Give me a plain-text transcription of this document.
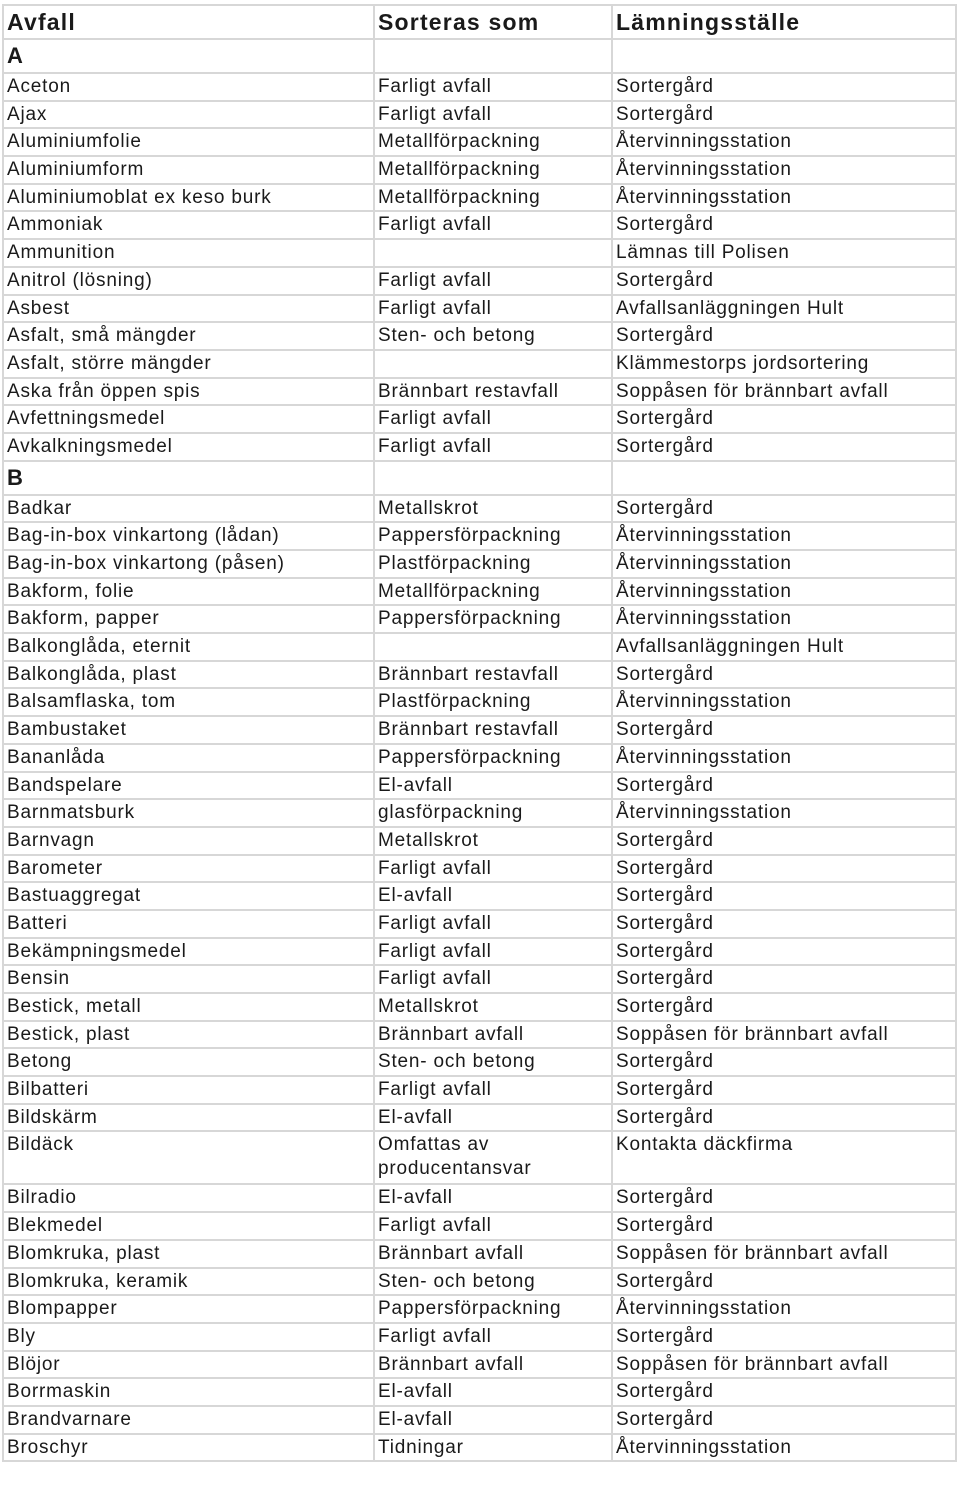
Avfall	Sorteras som	Lämningsställe
A		
Aceton	Farligt avfall	Sortergård
Ajax	Farligt avfall	Sortergård
Aluminiumfolie	Metallförpackning	Återvinningsstation
Aluminiumform	Metallförpackning	Återvinningsstation
Aluminiumoblat ex keso burk	Metallförpackning	Återvinningsstation
Ammoniak	Farligt avfall	Sortergård
Ammunition		Lämnas till Polisen
Anitrol (lösning)	Farligt avfall	Sortergård
Asbest	Farligt avfall	Avfallsanläggningen Hult
Asfalt, små mängder	Sten- och betong	Sortergård
Asfalt, större mängder		Klämmestorps jordsortering
Aska från öppen spis	Brännbart restavfall	Soppåsen för brännbart avfall
Avfettningsmedel	Farligt avfall	Sortergård
Avkalkningsmedel	Farligt avfall	Sortergård
B		
Badkar	Metallskrot	Sortergård
Bag-in-box vinkartong (lådan)	Pappersförpackning	Återvinningsstation
Bag-in-box vinkartong (påsen)	Plastförpackning	Återvinningsstation
Bakform, folie	Metallförpackning	Återvinningsstation
Bakform, papper	Pappersförpackning	Återvinningsstation
Balkonglåda, eternit		Avfallsanläggningen Hult
Balkonglåda, plast	Brännbart restavfall	Sortergård
Balsamflaska, tom	Plastförpackning	Återvinningsstation
Bambustaket	Brännbart restavfall	Sortergård
Bananlåda	Pappersförpackning	Återvinningsstation
Bandspelare	El-avfall	Sortergård
Barnmatsburk	glasförpackning	Återvinningsstation
Barnvagn	Metallskrot	Sortergård
Barometer	Farligt avfall	Sortergård
Bastuaggregat	El-avfall	Sortergård
Batteri	Farligt avfall	Sortergård
Bekämpningsmedel	Farligt avfall	Sortergård
Bensin	Farligt avfall	Sortergård
Bestick, metall	Metallskrot	Sortergård
Bestick, plast	Brännbart avfall	Soppåsen för brännbart avfall
Betong	Sten- och betong	Sortergård
Bilbatteri	Farligt avfall	Sortergård
Bildskärm	El-avfall	Sortergård
Bildäck	Omfattas av producentansvar	Kontakta däckfirma
Bilradio	El-avfall	Sortergård
Blekmedel	Farligt avfall	Sortergård
Blomkruka, plast	Brännbart avfall	Soppåsen för brännbart avfall
Blomkruka, keramik	Sten- och betong	Sortergård
Blompapper	Pappersförpackning	Återvinningsstation
Bly	Farligt avfall	Sortergård
Blöjor	Brännbart avfall	Soppåsen för brännbart avfall
Borrmaskin	El-avfall	Sortergård
Brandvarnare	El-avfall	Sortergård
Broschyr	Tidningar	Återvinningsstation
